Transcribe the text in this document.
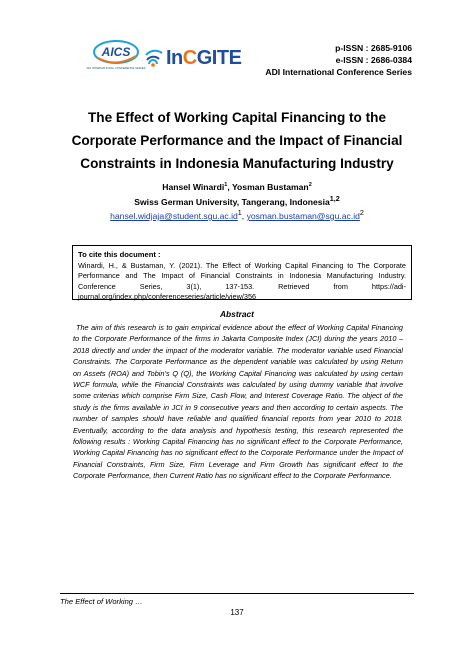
AICS
ADI INTERNATIONAL CONFERENCE SERIES InCGITE	p-ISSN : 2685-9106
e-ISSN : 2686-0384
ADI International Conference Series
The Effect of Working Capital Financing to the Corporate Performance and the Impact of Financial Constraints in Indonesia Manufacturing Industry
Hansel Winardi$^1$, Yosman Bustaman$^2$
Swiss German University, Tangerang, Indonesia$^{1,2}$
$hansel.widjaja@student.sgu.ac.id^1$, $yosman.bustaman@sgu.ac.id^2$
To cite this document :
Winardi, H., & Bustaman, Y. (2021). The Effect of Working Capital Financing to The Corporate Performance and The Impact of Financial Constraints in Indonesia Manufacturing Industry. Conference Series, 3(1), 137-153. Retrieved from https://adi-journal.org/index.php/conferenceseries/article/view/356
Abstract
The aim of this research is to gain empirical evidence about the effect of Working Capital Financing to the Corporate Performance of the firms in Jakarta Composite Index (JCI) during the years 2010 – 2018 directly and under the impact of the moderator variable. The moderator variable used Financial Constraints. The Corporate Performance as the dependent variable was calculated by using Return on Assets (ROA) and Tobin’s Q (Q), the Working Capital Financing was calculated by using certain WCF formula, while the Financial Constraints was calculated by using dummy variable that involve some criterias which comprise Firm Size, Cash Flow, and Interest Coverage Ratio. The object of the study is the firms available in JCI in 9 consecutive years and then according to certain aspects. The number of samples should have reliable and qualified financial reports from year 2010 to 2018. Eventually, according to the data analysis and hypothesis testing, this research represented the following results : Working Capital Financing has no significant effect to the Corporate Performance, Working Capital Financing has no significant effect to the Corporate Performance under the Impact of Financial Constraints, Firm Size, Firm Leverage and Firm Growth has significant effect to the Corporate Performance, then Current Ratio has no significant effect to the Corporate Performance.
The Effect of Working …
137
